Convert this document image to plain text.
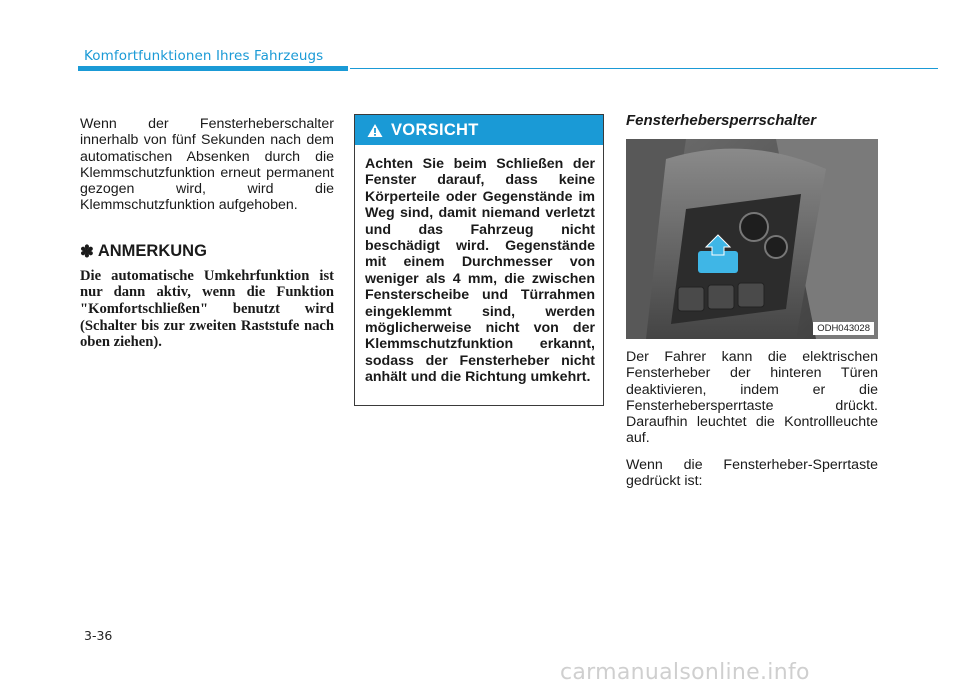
Komfortfunktionen Ihres Fahrzeugs

Wenn der Fensterheberschalter innerhalb von fünf Sekunden nach dem automatischen Absenken durch die Klemmschutzfunktion erneut permanent gezogen wird, wird die Klemmschutzfunktion aufgehoben.

✽ ANMERKUNG

Die automatische Umkehrfunktion ist nur dann aktiv, wenn die Funktion "Komfortschließen" benutzt wird (Schalter bis zur zweiten Raststufe nach oben ziehen).

VORSICHT
Achten Sie beim Schließen der Fenster darauf, dass keine Körperteile oder Gegenstände im Weg sind, damit niemand verletzt und das Fahrzeug nicht beschädigt wird. Gegenstände mit einem Durchmesser von weniger als 4 mm, die zwischen Fensterscheibe und Türrahmen eingeklemmt sind, werden möglicherweise nicht von der Klemmschutzfunktion erkannt, sodass der Fensterheber nicht anhält und die Richtung umkehrt.
Fensterhebersperrschalter
ODH043028

Der Fahrer kann die elektrischen Fensterheber der hinteren Türen deaktivieren, indem er die Fensterhebersperrtaste drückt. Daraufhin leuchtet die Kontrollleuchte auf.

Wenn die Fensterheber-Sperrtaste gedrückt ist:

3-36
carmanualsonline.info
